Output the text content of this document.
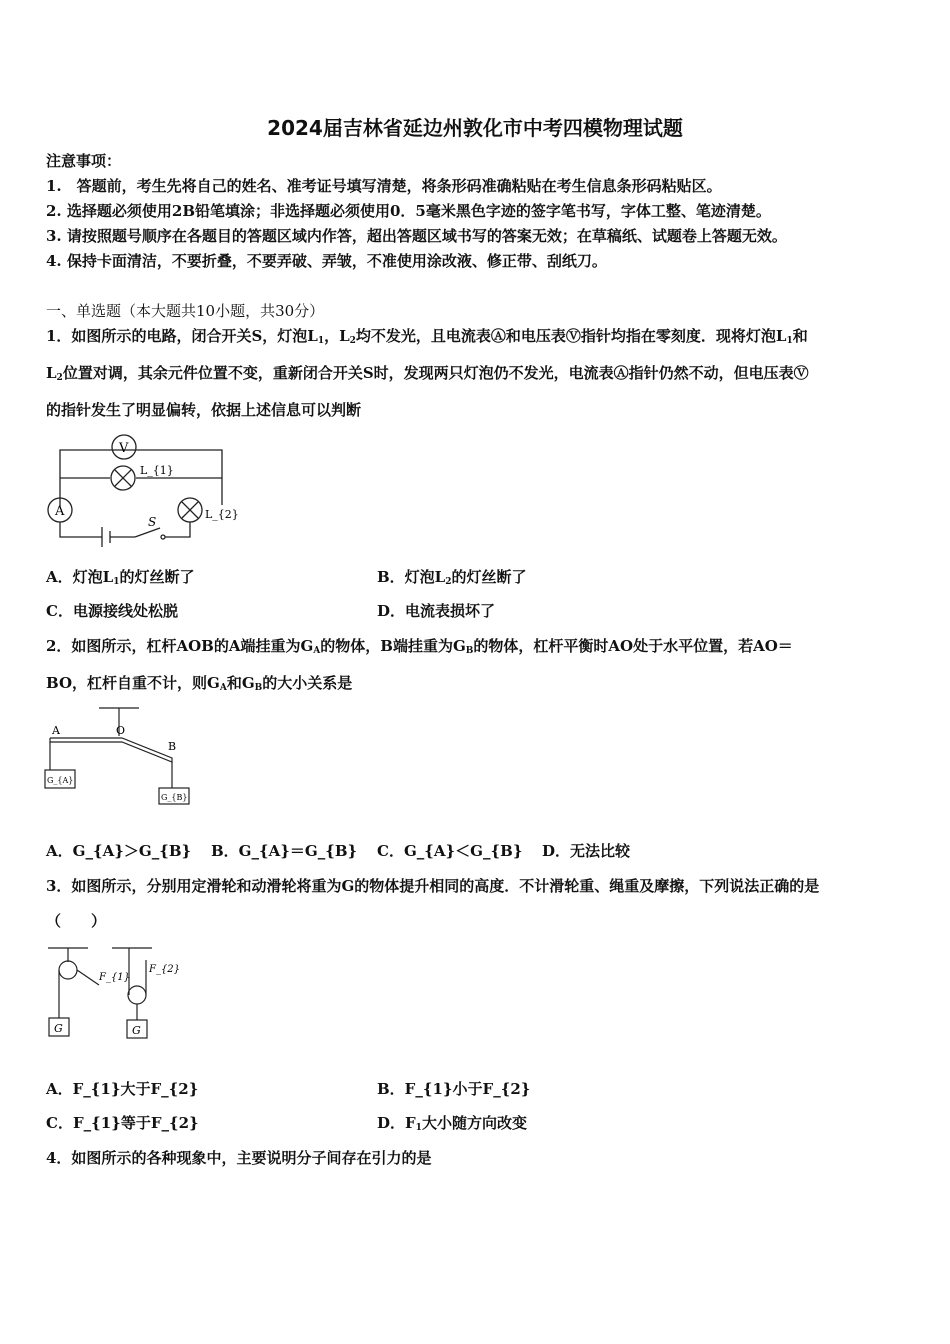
2024届吉林省延边州敦化市中考四模物理试题
注意事项：
1.　答题前，考生先将自己的姓名、准考证号填写清楚，将条形码准确粘贴在考生信息条形码粘贴区。
2. 选择题必须使用2B铅笔填涂；非选择题必须使用0．5毫米黑色字迹的签字笔书写，字体工整、笔迹清楚。
3. 请按照题号顺序在各题目的答题区域内作答，超出答题区域书写的答案无效；在草稿纸、试题卷上答题无效。
4. 保持卡面清洁，不要折叠，不要弄破、弄皱，不准使用涂改液、修正带、刮纸刀。
一、单选题（本大题共10小题，共30分）
1．如图所示的电路，闭合开关S，灯泡$L_1$，$L_2$均不发光，且电流表Ⓐ和电压表Ⓥ指针均指在零刻度．现将灯泡$L_1$和
$L_2$位置对调，其余元件位置不变，重新闭合开关S时，发现两只灯泡仍不发光，电流表Ⓐ指针仍然不动，但电压表Ⓥ
的指针发生了明显偏转，依据上述信息可以判断
V
A
L_{1}
L_{2}
S
A．灯泡$L_1$的灯丝断了	B．灯泡$L_2$的灯丝断了
C．电源接线处松脱	D．电流表损坏了
2．如图所示，杠杆AOB的A端挂重为$G_A$的物体，B端挂重为$G_B$的物体，杠杆平衡时AO处于水平位置，若AO＝
BO，杠杆自重不计，则$G_A$和$G_B$的大小关系是
A	O
B
G_{A}
G_{B}
A．G_{A}＞G_{B} B．G_{A}＝G_{B} C．G_{A}＜G_{B} D．无法比较
3．如图所示，分别用定滑轮和动滑轮将重为G的物体提升相同的高度．不计滑轮重、绳重及摩擦，下列说法正确的是
（　　）
F_{1}
F_{2}
G	G
A．F_{1}大于F_{2}	B．F_{1}小于F_{2}
C．F_{1}等于F_{2}	D．$F_1$大小随方向改变
4．如图所示的各种现象中，主要说明分子间存在引力的是
